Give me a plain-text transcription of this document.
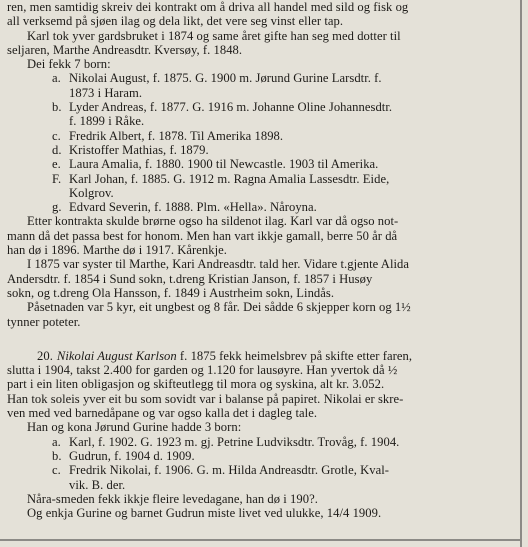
ren, men samtidig skreiv dei kontrakt om å driva all handel med sild og fisk og
all verksemd på sjøen ilag og dela likt, det vere seg vinst eller tap.
Karl tok yver gardsbruket i 1874 og same året gifte han seg med dotter til
seljaren, Marthe Andreasdtr. Kversøy, f. 1848.
Dei fekk 7 born:
a. Nikolai August, f. 1875. G. 1900 m. Jørund Gurine Larsdtr. f.
1873 i Haram.
b. Lyder Andreas, f. 1877. G. 1916 m. Johanne Oline Johannesdtr.
f. 1899 i Råke.
c. Fredrik Albert, f. 1878. Til Amerika 1898.
d. Kristoffer Mathias, f. 1879.
e. Laura Amalia, f. 1880. 1900 til Newcastle. 1903 til Amerika.
F. Karl Johan, f. 1885. G. 1912 m. Ragna Amalia Lassesdtr. Eide,
Kolgrov.
g. Edvard Severin, f. 1888. Plm. «Hella». Nåroyna.
Etter kontrakta skulde brørne ogso ha sildenot ilag. Karl var då ogso not-
mann då det passa best for honom. Men han vart ikkje gamall, berre 50 år då
han dø i 1896. Marthe dø i 1917. Kårenkje.
I 1875 var syster til Marthe, Kari Andreasdtr. tald her. Vidare t.gjente Alida
Andersdtr. f. 1854 i Sund sokn, t.dreng Kristian Janson, f. 1857 i Husøy
sokn, og t.dreng Ola Hansson, f. 1849 i Austrheim sokn, Lindås.
Påsetnaden var 5 kyr, eit ungbest og 8 får. Dei sådde 6 skjepper korn og 1½
tynner poteter.
20. Nikolai August Karlson f. 1875 fekk heimelsbrev på skifte etter faren,
slutta i 1904, takst 2.400 for garden og 1.120 for lausøyre. Han yvertok då ½
part i ein liten obligasjon og skifteutlegg til mora og syskina, alt kr. 3.052.
Han tok soleis yver eit bu som sovidt var i balanse på papiret. Nikolai er skre-
ven med ved barnedåpane og var ogso kalla det i dagleg tale.
Han og kona Jørund Gurine hadde 3 born:
a. Karl, f. 1902. G. 1923 m. gj. Petrine Ludviksdtr. Trovåg, f. 1904.
b. Gudrun, f. 1904 d. 1909.
c. Fredrik Nikolai, f. 1906. G. m. Hilda Andreasdtr. Grotle, Kval-
vik. B. der.
Nåra-smeden fekk ikkje fleire levedagane, han dø i 190?.
Og enkja Gurine og barnet Gudrun miste livet ved ulukke, 14/4 1909.
